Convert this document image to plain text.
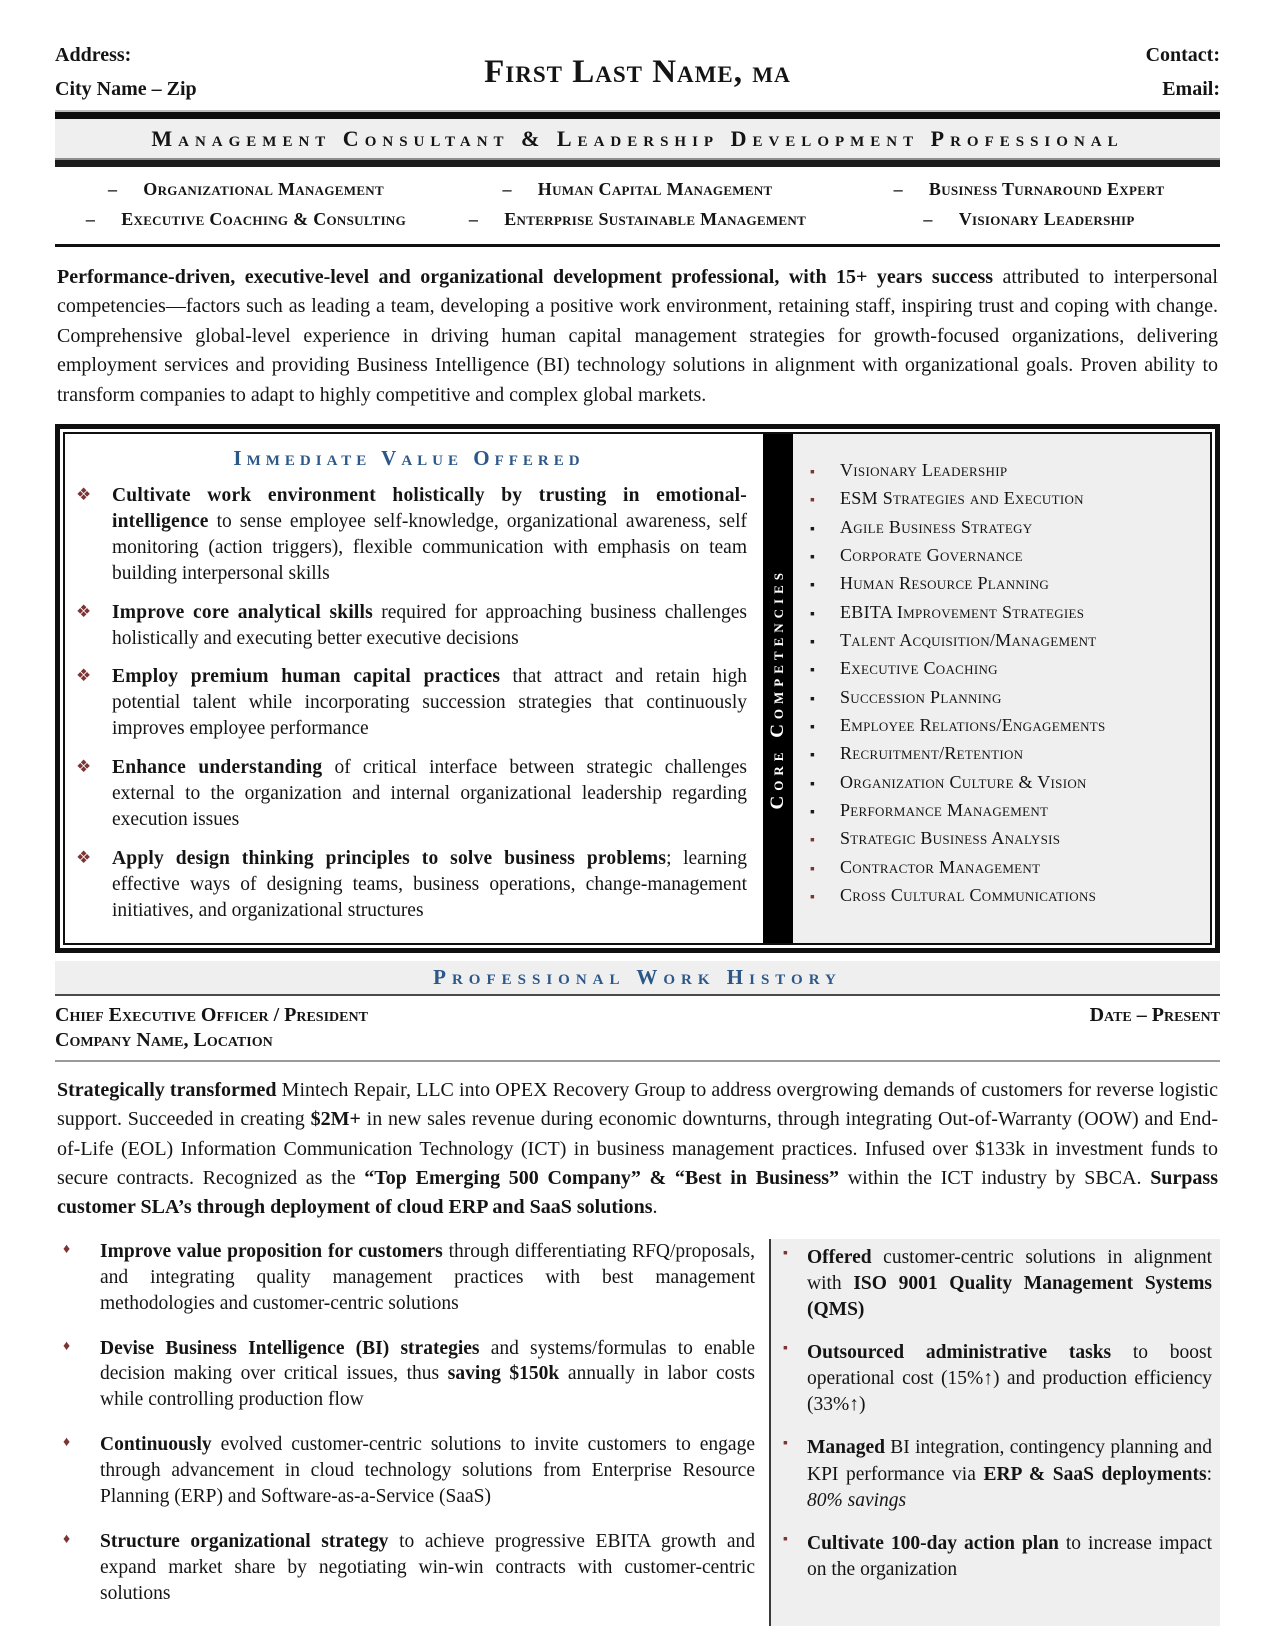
Address:
City Name – Zip	First Last Name, MA
Contact:
Email:
Management Consultant & Leadership Development Professional
– Organizational Management	– Human Capital Management	– Business Turnaround Expert
– Executive Coaching & Consulting	– Enterprise Sustainable Management	– Visionary Leadership

Performance-driven, executive-level and organizational development professional, with 15+ years success attributed to interpersonal competencies—factors such as leading a team, developing a positive work environment, retaining staff, inspiring trust and coping with change. Comprehensive global-level experience in driving human capital management strategies for growth-focused organizations, delivering employment services and providing Business Intelligence (BI) technology solutions in alignment with organizational goals. Proven ability to transform companies to adapt to highly competitive and complex global markets.

Immediate Value Offered
❖	Cultivate work environment holistically by trusting in emotional-intelligence to sense employee self-knowledge, organizational awareness, self monitoring (action triggers), flexible communication with emphasis on team building interpersonal skills
❖	Improve core analytical skills required for approaching business challenges holistically and executing better executive decisions
❖	Employ premium human capital practices that attract and retain high potential talent while incorporating succession strategies that continuously improves employee performance
❖	Enhance understanding of critical interface between strategic challenges external to the organization and internal organizational leadership regarding execution issues
❖	Apply design thinking principles to solve business problems; learning effective ways of designing teams, business operations, change-management initiatives, and organizational structures
Core Competencies
▪	Visionary Leadership
▪	ESM Strategies and Execution
▪	Agile Business Strategy
▪	Corporate Governance
▪	Human Resource Planning
▪	EBITA Improvement Strategies
▪	Talent Acquisition/Management
▪	Executive Coaching
▪	Succession Planning
▪	Employee Relations/Engagements
▪	Recruitment/Retention
▪	Organization Culture & Vision
▪	Performance Management
▪	Strategic Business Analysis
▪	Contractor Management
▪	Cross Cultural Communications
Professional Work History
Chief Executive Officer / President	Date – Present
Company Name, Location

Strategically transformed Mintech Repair, LLC into OPEX Recovery Group to address overgrowing demands of customers for reverse logistic support. Succeeded in creating $2M+ in new sales revenue during economic downturns, through integrating Out-of-Warranty (OOW) and End-of-Life (EOL) Information Communication Technology (ICT) in business management practices. Infused over $133k in investment funds to secure contracts. Recognized as the “Top Emerging 500 Company” & “Best in Business” within the ICT industry by SBCA. Surpass customer SLA’s through deployment of cloud ERP and SaaS solutions.

♦	Improve value proposition for customers through differentiating RFQ/proposals, and integrating quality management practices with best management methodologies and customer-centric solutions
♦	Devise Business Intelligence (BI) strategies and systems/formulas to enable decision making over critical issues, thus saving $150k annually in labor costs while controlling production flow
♦	Continuously evolved customer-centric solutions to invite customers to engage through advancement in cloud technology solutions from Enterprise Resource Planning (ERP) and Software-as-a-Service (SaaS)
♦	Structure organizational strategy to achieve progressive EBITA growth and expand market share by negotiating win-win contracts with customer-centric solutions
▪ Offered customer-centric solutions in alignment with ISO 9001 Quality Management Systems (QMS)
▪ Outsourced administrative tasks to boost operational cost (15%↑) and production efficiency (33%↑)
▪ Managed BI integration, contingency planning and KPI performance via ERP & SaaS deployments: 80% savings
▪ Cultivate 100-day action plan to increase impact on the organization
